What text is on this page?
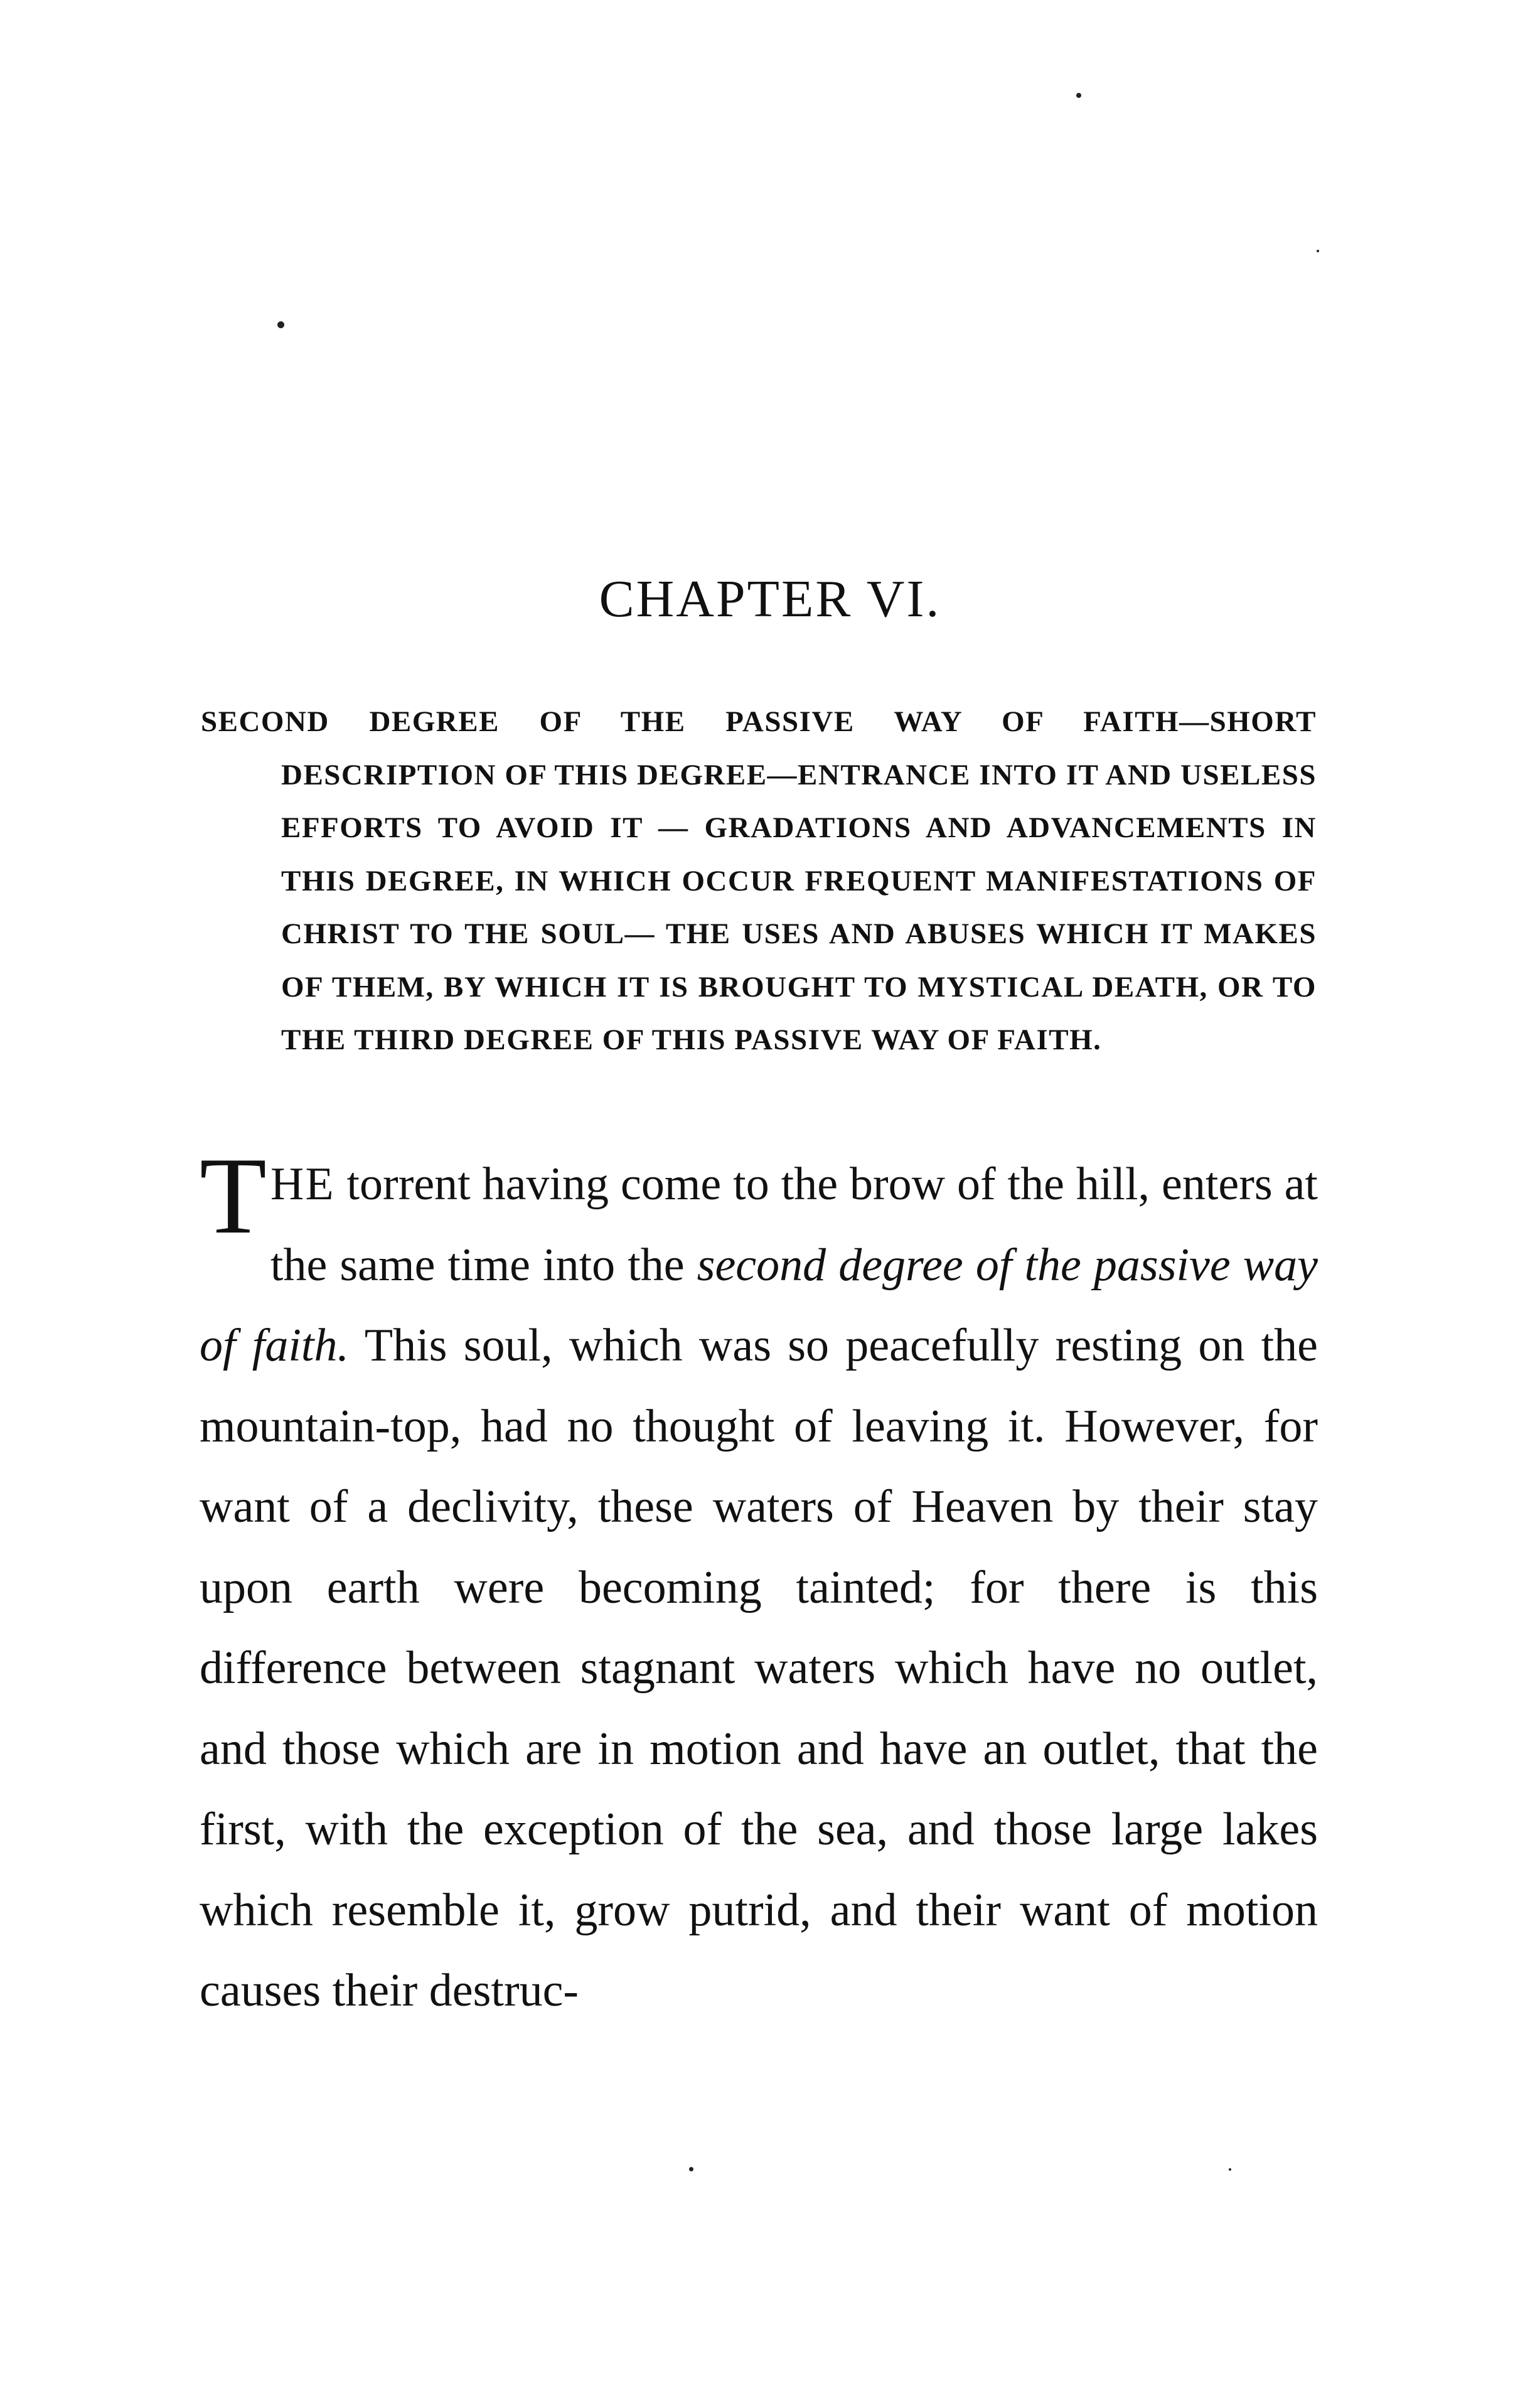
CHAPTER VI.
SECOND DEGREE OF THE PASSIVE WAY OF FAITH—SHORT DESCRIPTION OF THIS DEGREE—ENTRANCE INTO IT AND USELESS EFFORTS TO AVOID IT — GRADATIONS AND ADVANCEMENTS IN THIS DEGREE, IN WHICH OCCUR FREQUENT MANIFESTATIONS OF CHRIST TO THE SOUL— THE USES AND ABUSES WHICH IT MAKES OF THEM, BY WHICH IT IS BROUGHT TO MYSTICAL DEATH, OR TO THE THIRD DEGREE OF THIS PASSIVE WAY OF FAITH.
THE torrent having come to the brow of the hill, enters at the same time into the second degree of the passive way of faith. This soul, which was so peacefully resting on the mountain-top, had no thought of leaving it. However, for want of a declivity, these waters of Heaven by their stay upon earth were becoming tainted; for there is this difference between stagnant waters which have no outlet, and those which are in motion and have an outlet, that the first, with the exception of the sea, and those large lakes which resemble it, grow putrid, and their want of motion causes their destruc-
